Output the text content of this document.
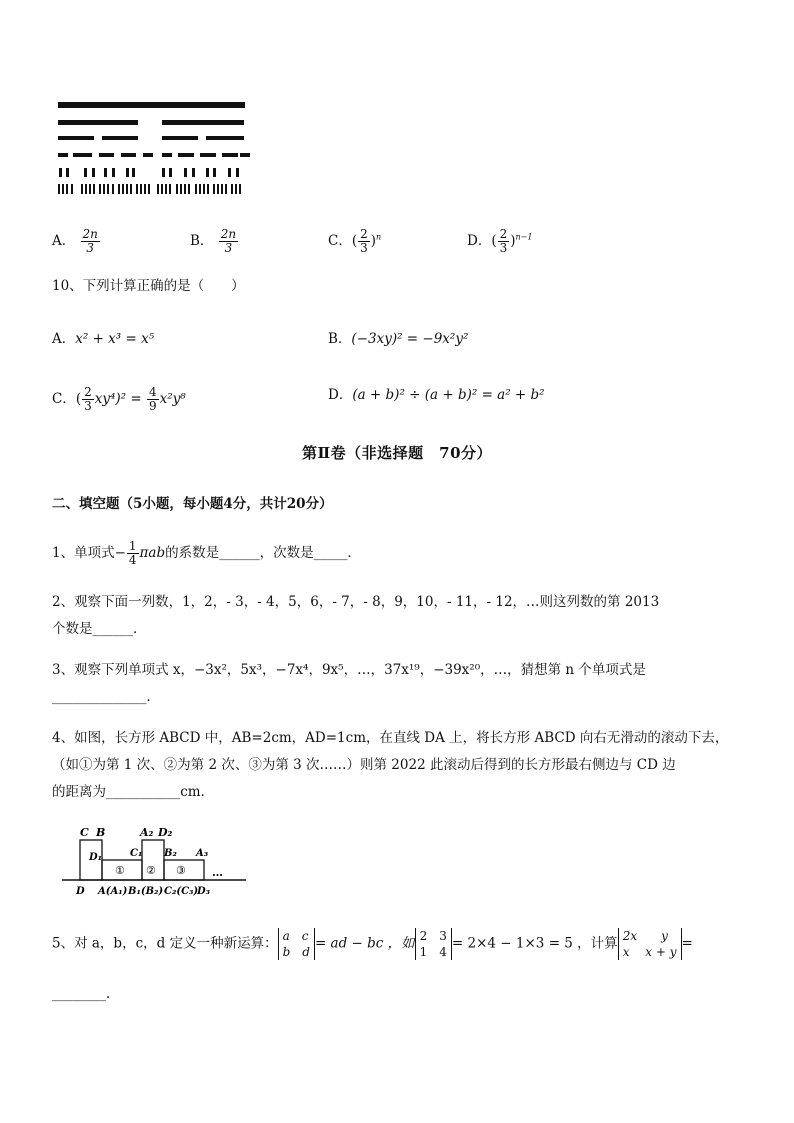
A． $\frac{2n}{3}$	B． $\frac{2n}{3}$	C．( $\frac{2}{3} )^n$	D．( $\frac{2}{3} )^{n-1}$
10、下列计算正确的是（　　）
A．x² + x³ = x⁵	B．(−3xy)² = −9x²y²
C．( $\frac{2}{3} xy^4)^2 = \frac{4}{9} x^2y^8$	D．(a + b)² ÷ (a + b)² = a² + b²
第Ⅱ卷（非选择题　70分）
二、填空题（5小题，每小题4分，共计20分）
1、单项式− $\frac{1}{4}$ πab的系数是______，次数是_____．
2、观察下面一列数，1，2，- 3，- 4，5，6，- 7，- 8，9，10，- 11，- 12，…则这列数的第 2013
个数是______．
3、观察下列单项式 x，−3x²，5x³，−7x⁴，9x⁵，…，37x¹⁹，−39x²⁰，…，猜想第 n 个单项式是
______________．
4、如图，长方形 ABCD 中，AB=2cm，AD=1cm，在直线 DA 上，将长方形 ABCD 向右无滑动的滚动下去，
（如①为第 1 次、②为第 2 次、③为第 3 次……）则第 2022 此滚动后得到的长方形最右侧边与 CD 边
的距离为___________cm．
C B	A₂ D₂
D₁
①
C₁
②
B₂ A₃
③
D A(A₁) B₁(B₂) C₂(C₃)
D₃
…
5、对 a，b，c，d 定义一种新运算： a　c
b　d
= ad − bc ，如 2　3
1　4
= 2×4 − 1×3 = 5 ，计算 2x　　y
x　 x + y
=
________．
